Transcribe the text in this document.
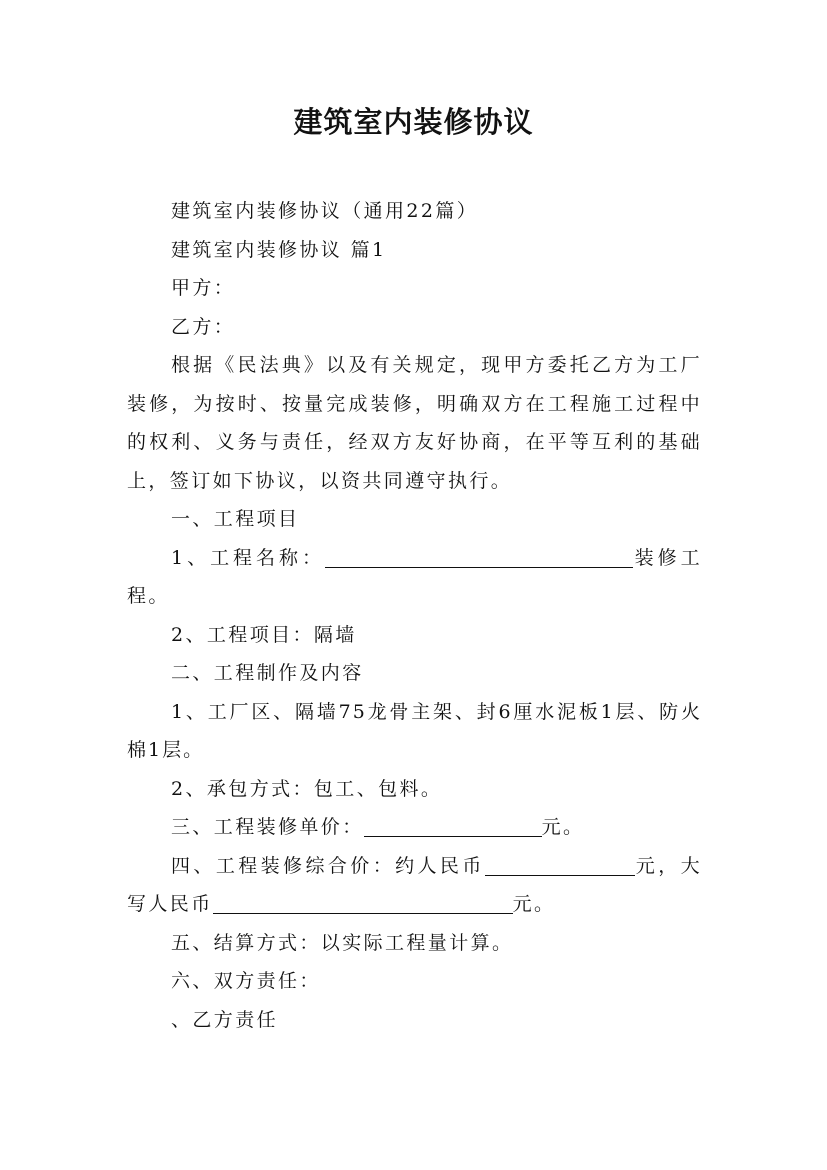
建筑室内装修协议

建筑室内装修协议（通用22篇）

建筑室内装修协议 篇1

甲方：

乙方：

根据《民法典》以及有关规定，现甲方委托乙方为工厂装修，为按时、按量完成装修，明确双方在工程施工过程中的权利、义务与责任，经双方友好协商，在平等互利的基础上，签订如下协议，以资共同遵守执行。

一、工程项目

1、工程名称：	装修工程。

2、工程项目：隔墙

二、工程制作及内容

1、工厂区、隔墙75龙骨主架、封6厘水泥板1层、防火棉1层。

2、承包方式：包工、包料。

三、工程装修单价：	元。

四、工程装修综合价：约人民币	元，大写人民币	元。

五、结算方式：以实际工程量计算。

六、双方责任：

、乙方责任
